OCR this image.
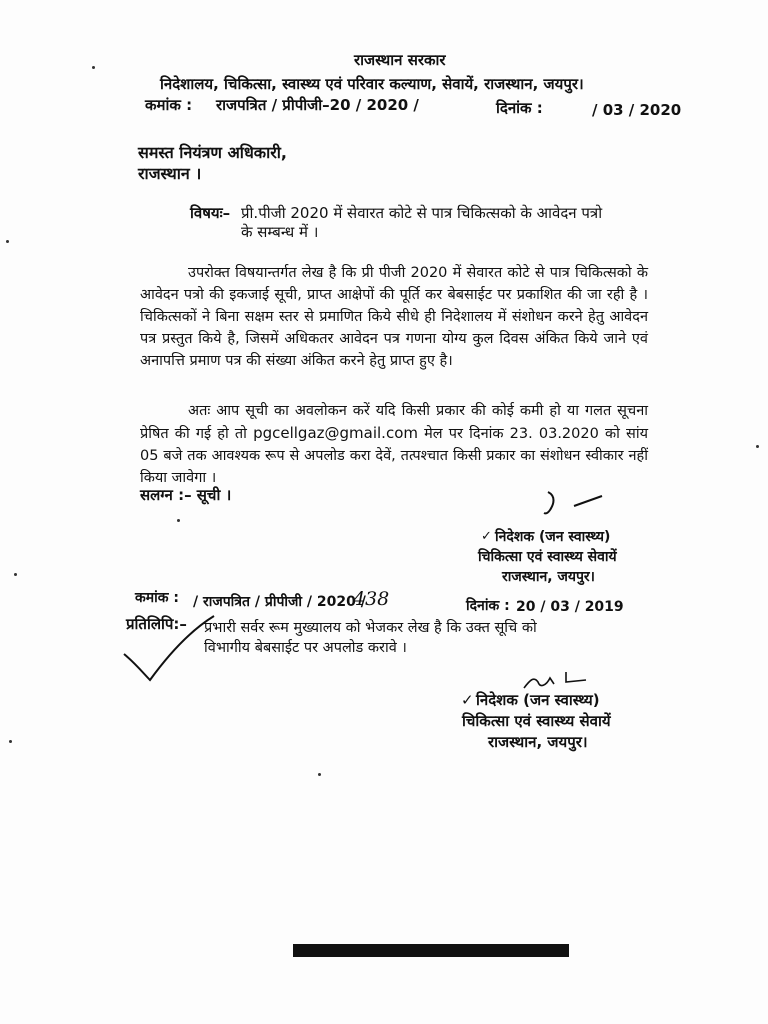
राजस्थान सरकार
निदेशालय, चिकित्सा, स्वास्थ्य एवं परिवार कल्याण, सेवायें, राजस्थान, जयपुर।
कमांक : राजपत्रित / प्रीपीजी–20 / 2020 /	दिनांक :	/ 03 / 2020
समस्त नियंत्रण अधिकारी,
राजस्थान ।
विषयः– प्री.पीजी 2020 में सेवारत कोटे से पात्र चिकित्सको के आवेदन पत्रो
के सम्बन्ध में ।

उपरोक्त विषयान्तर्गत लेख है कि प्री पीजी 2020 में सेवारत कोटे से पात्र चिकित्सको के आवेदन पत्रो की इकजाई सूची, प्राप्त आक्षेपों की पूर्ति कर बेबसाईट पर प्रकाशित की जा रही है । चिकित्सकों ने बिना सक्षम स्तर से प्रमाणित किये सीधे ही निदेशालय में संशोधन करने हेतु आवेदन पत्र प्रस्तुत किये है, जिसमें अधिकतर आवेदन पत्र गणना योग्य कुल दिवस अंकित किये जाने एवं अनापत्ति प्रमाण पत्र की संख्या अंकित करने हेतु प्राप्त हुए है।

अतः आप सूची का अवलोकन करें यदि किसी प्रकार की कोई कमी हो या गलत सूचना प्रेषित की गई हो तो pgcellgaz@gmail.com मेल पर दिनांक 23. 03.2020 को सांय 05 बजे तक आवश्यक रूप से अपलोड करा देवें, तत्पश्चात किसी प्रकार का संशोधन स्वीकार नहीं किया जावेगा ।

सलग्न :– सूची ।
✓ निदेशक (जन स्वास्थ्य)
चिकित्सा एवं स्वास्थ्य सेवायें
राजस्थान, जयपुर।
कमांक : / राजपत्रित / प्रीपीजी / 2020 /
438	दिनांक : 20 / 03 / 2019
प्रतिलिपि:– प्रभारी सर्वर रूम मुख्यालय को भेजकर लेख है कि उक्त सूचि को
विभागीय बेबसाईट पर अपलोड करावे ।
✓ निदेशक (जन स्वास्थ्य)
चिकित्सा एवं स्वास्थ्य सेवायें
राजस्थान, जयपुर।
